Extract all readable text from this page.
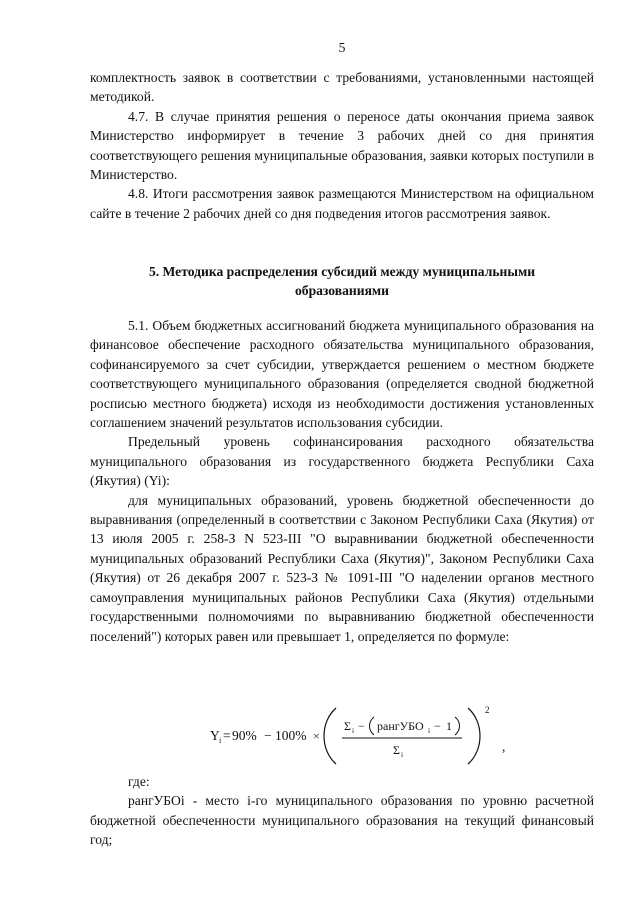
5

комплектность заявок в соответствии с требованиями, установленными настоящей методикой.

4.7. В случае принятия решения о переносе даты окончания приема заявок Министерство информирует в течение 3 рабочих дней со дня принятия соответствующего решения муниципальные образования, заявки которых поступили в Министерство.

4.8. Итоги рассмотрения заявок размещаются Министерством на официальном сайте в течение 2 рабочих дней со дня подведения итогов рассмотрения заявок.

5. Методика распределения субсидий между муниципальными образованиями

5.1. Объем бюджетных ассигнований бюджета муниципального образования на финансовое обеспечение расходного обязательства муниципального образования, софинансируемого за счет субсидии, утверждается решением о местном бюджете соответствующего муниципального образования (определяется сводной бюджетной росписью местного бюджета) исходя из необходимости достижения установленных соглашением значений результатов использования субсидии.

Предельный уровень софинансирования расходного обязательства муниципального образования из государственного бюджета Республики Саха (Якутия) (Yi):

для муниципальных образований, уровень бюджетной обеспеченности до выравнивания (определенный в соответствии с Законом Республики Саха (Якутия) от 13 июля 2005 г. 258-З N 523-III "О выравнивании бюджетной обеспеченности муниципальных образований Республики Саха (Якутия)", Законом Республики Саха (Якутия) от 26 декабря 2007 г. 523-З № 1091-III "О наделении органов местного самоуправления муниципальных районов Республики Саха (Якутия) отдельными государственными полномочиями по выравниванию бюджетной обеспеченности поселений") которых равен или превышает 1, определяется по формуле:

Y i = 90% − 100% ×
Σ i − рангУБО i − 1
Σ i
2
,

где:

рангУБОi - место i-го муниципального образования по уровню расчетной бюджетной обеспеченности муниципального образования на текущий финансовый год;
